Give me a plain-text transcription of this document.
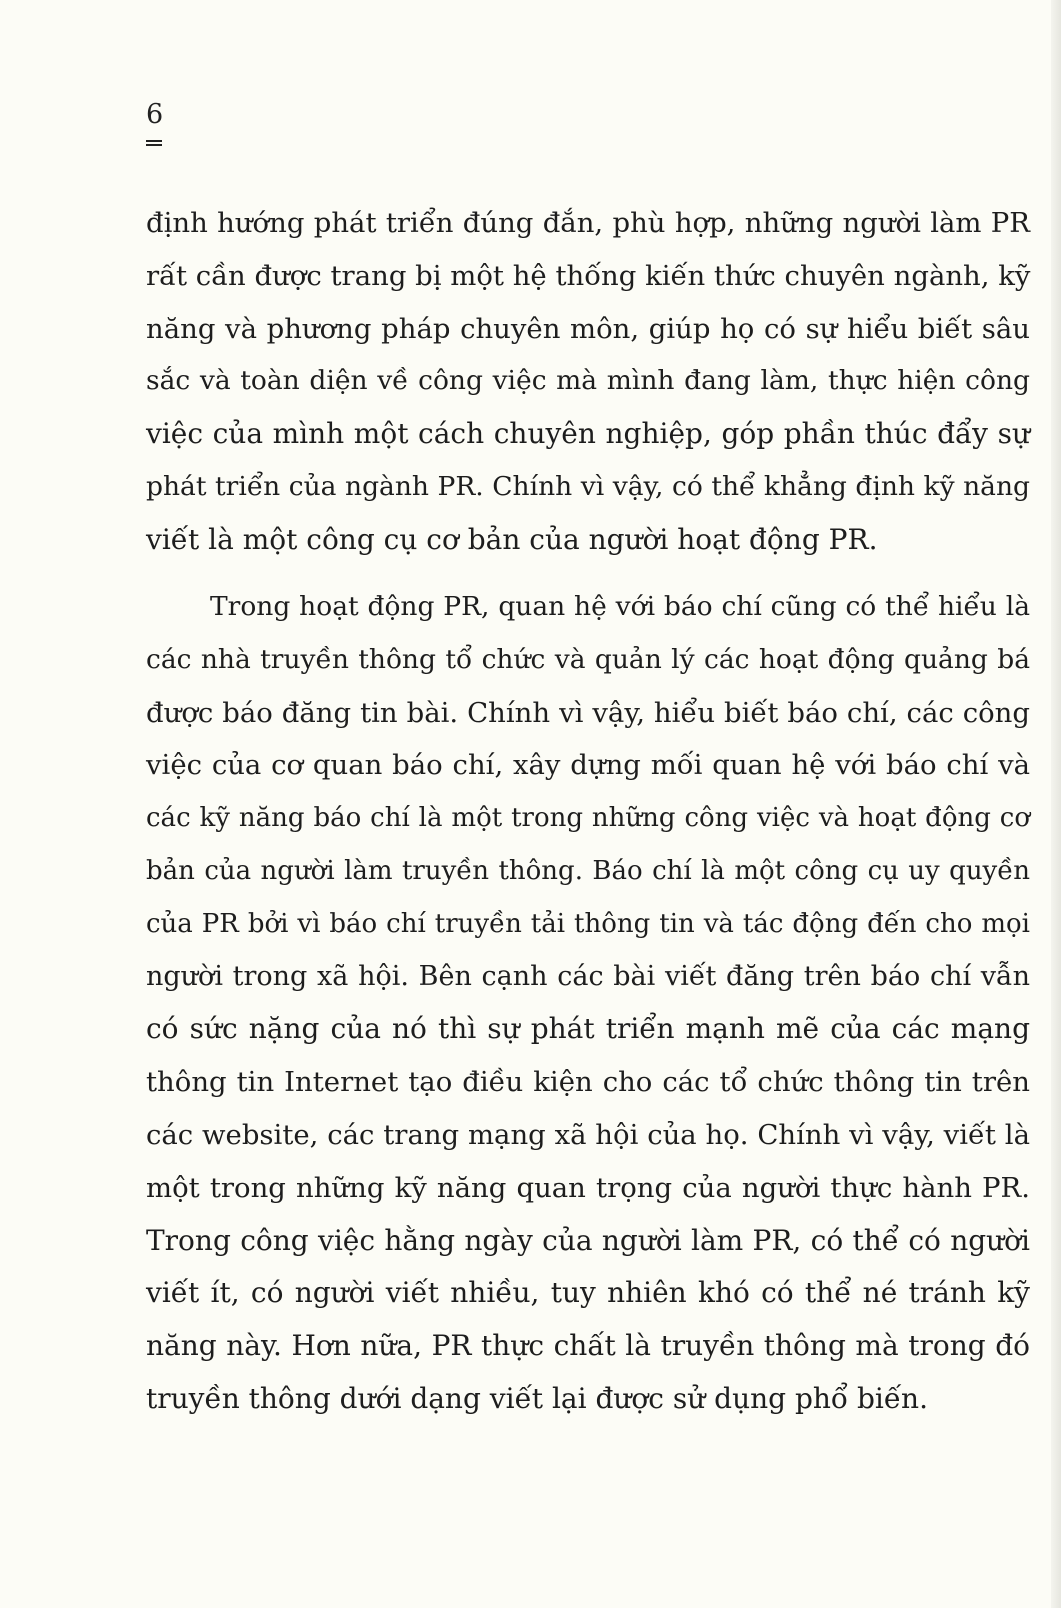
6

định hướng phát triển đúng đắn, phù hợp, những người làm PR
rất cần được trang bị một hệ thống kiến thức chuyên ngành, kỹ
năng và phương pháp chuyên môn, giúp họ có sự hiểu biết sâu
sắc và toàn diện về công việc mà mình đang làm, thực hiện công
việc của mình một cách chuyên nghiệp, góp phần thúc đẩy sự
phát triển của ngành PR. Chính vì vậy, có thể khẳng định kỹ năng
viết là một công cụ cơ bản của người hoạt động PR.

Trong hoạt động PR, quan hệ với báo chí cũng có thể hiểu là
các nhà truyền thông tổ chức và quản lý các hoạt động quảng bá
được báo đăng tin bài. Chính vì vậy, hiểu biết báo chí, các công
việc của cơ quan báo chí, xây dựng mối quan hệ với báo chí và
các kỹ năng báo chí là một trong những công việc và hoạt động cơ
bản của người làm truyền thông. Báo chí là một công cụ uy quyền
của PR bởi vì báo chí truyền tải thông tin và tác động đến cho mọi
người trong xã hội. Bên cạnh các bài viết đăng trên báo chí vẫn
có sức nặng của nó thì sự phát triển mạnh mẽ của các mạng
thông tin Internet tạo điều kiện cho các tổ chức thông tin trên
các website, các trang mạng xã hội của họ. Chính vì vậy, viết là
một trong những kỹ năng quan trọng của người thực hành PR.
Trong công việc hằng ngày của người làm PR, có thể có người
viết ít, có người viết nhiều, tuy nhiên khó có thể né tránh kỹ
năng này. Hơn nữa, PR thực chất là truyền thông mà trong đó
truyền thông dưới dạng viết lại được sử dụng phổ biến.
